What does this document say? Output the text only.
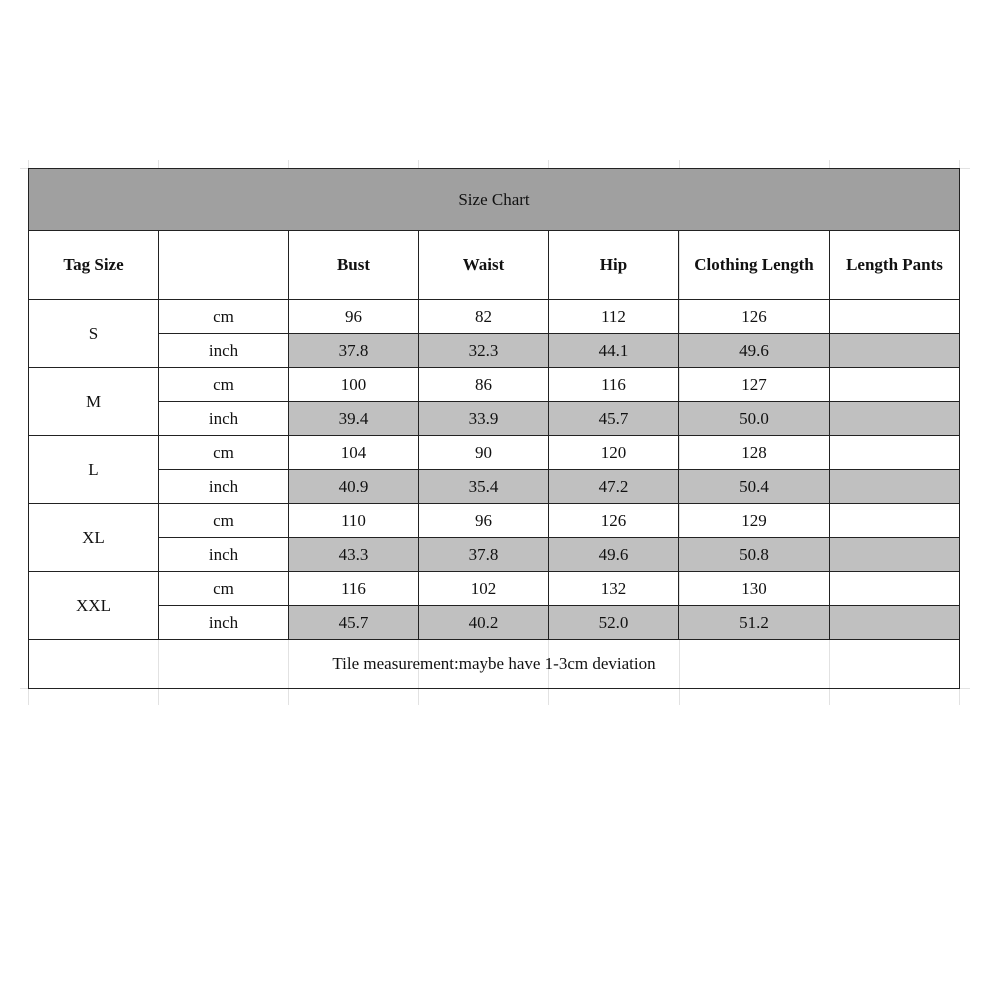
Size Chart						
Tag Size		Bust	Waist	Hip	Clothing Length	Length Pants
S	cm	96	82	112	126	
	inch	37.8	32.3	44.1	49.6	
M	cm	100	86	116	127	
	inch	39.4	33.9	45.7	50.0	
L	cm	104	90	120	128	
	inch	40.9	35.4	47.2	50.4	
XL	cm	110	96	126	129	
	inch	43.3	37.8	49.6	50.8	
XXL	cm	116	102	132	130	
	inch	45.7	40.2	52.0	51.2	
Tile measurement:maybe have 1-3cm deviation						
